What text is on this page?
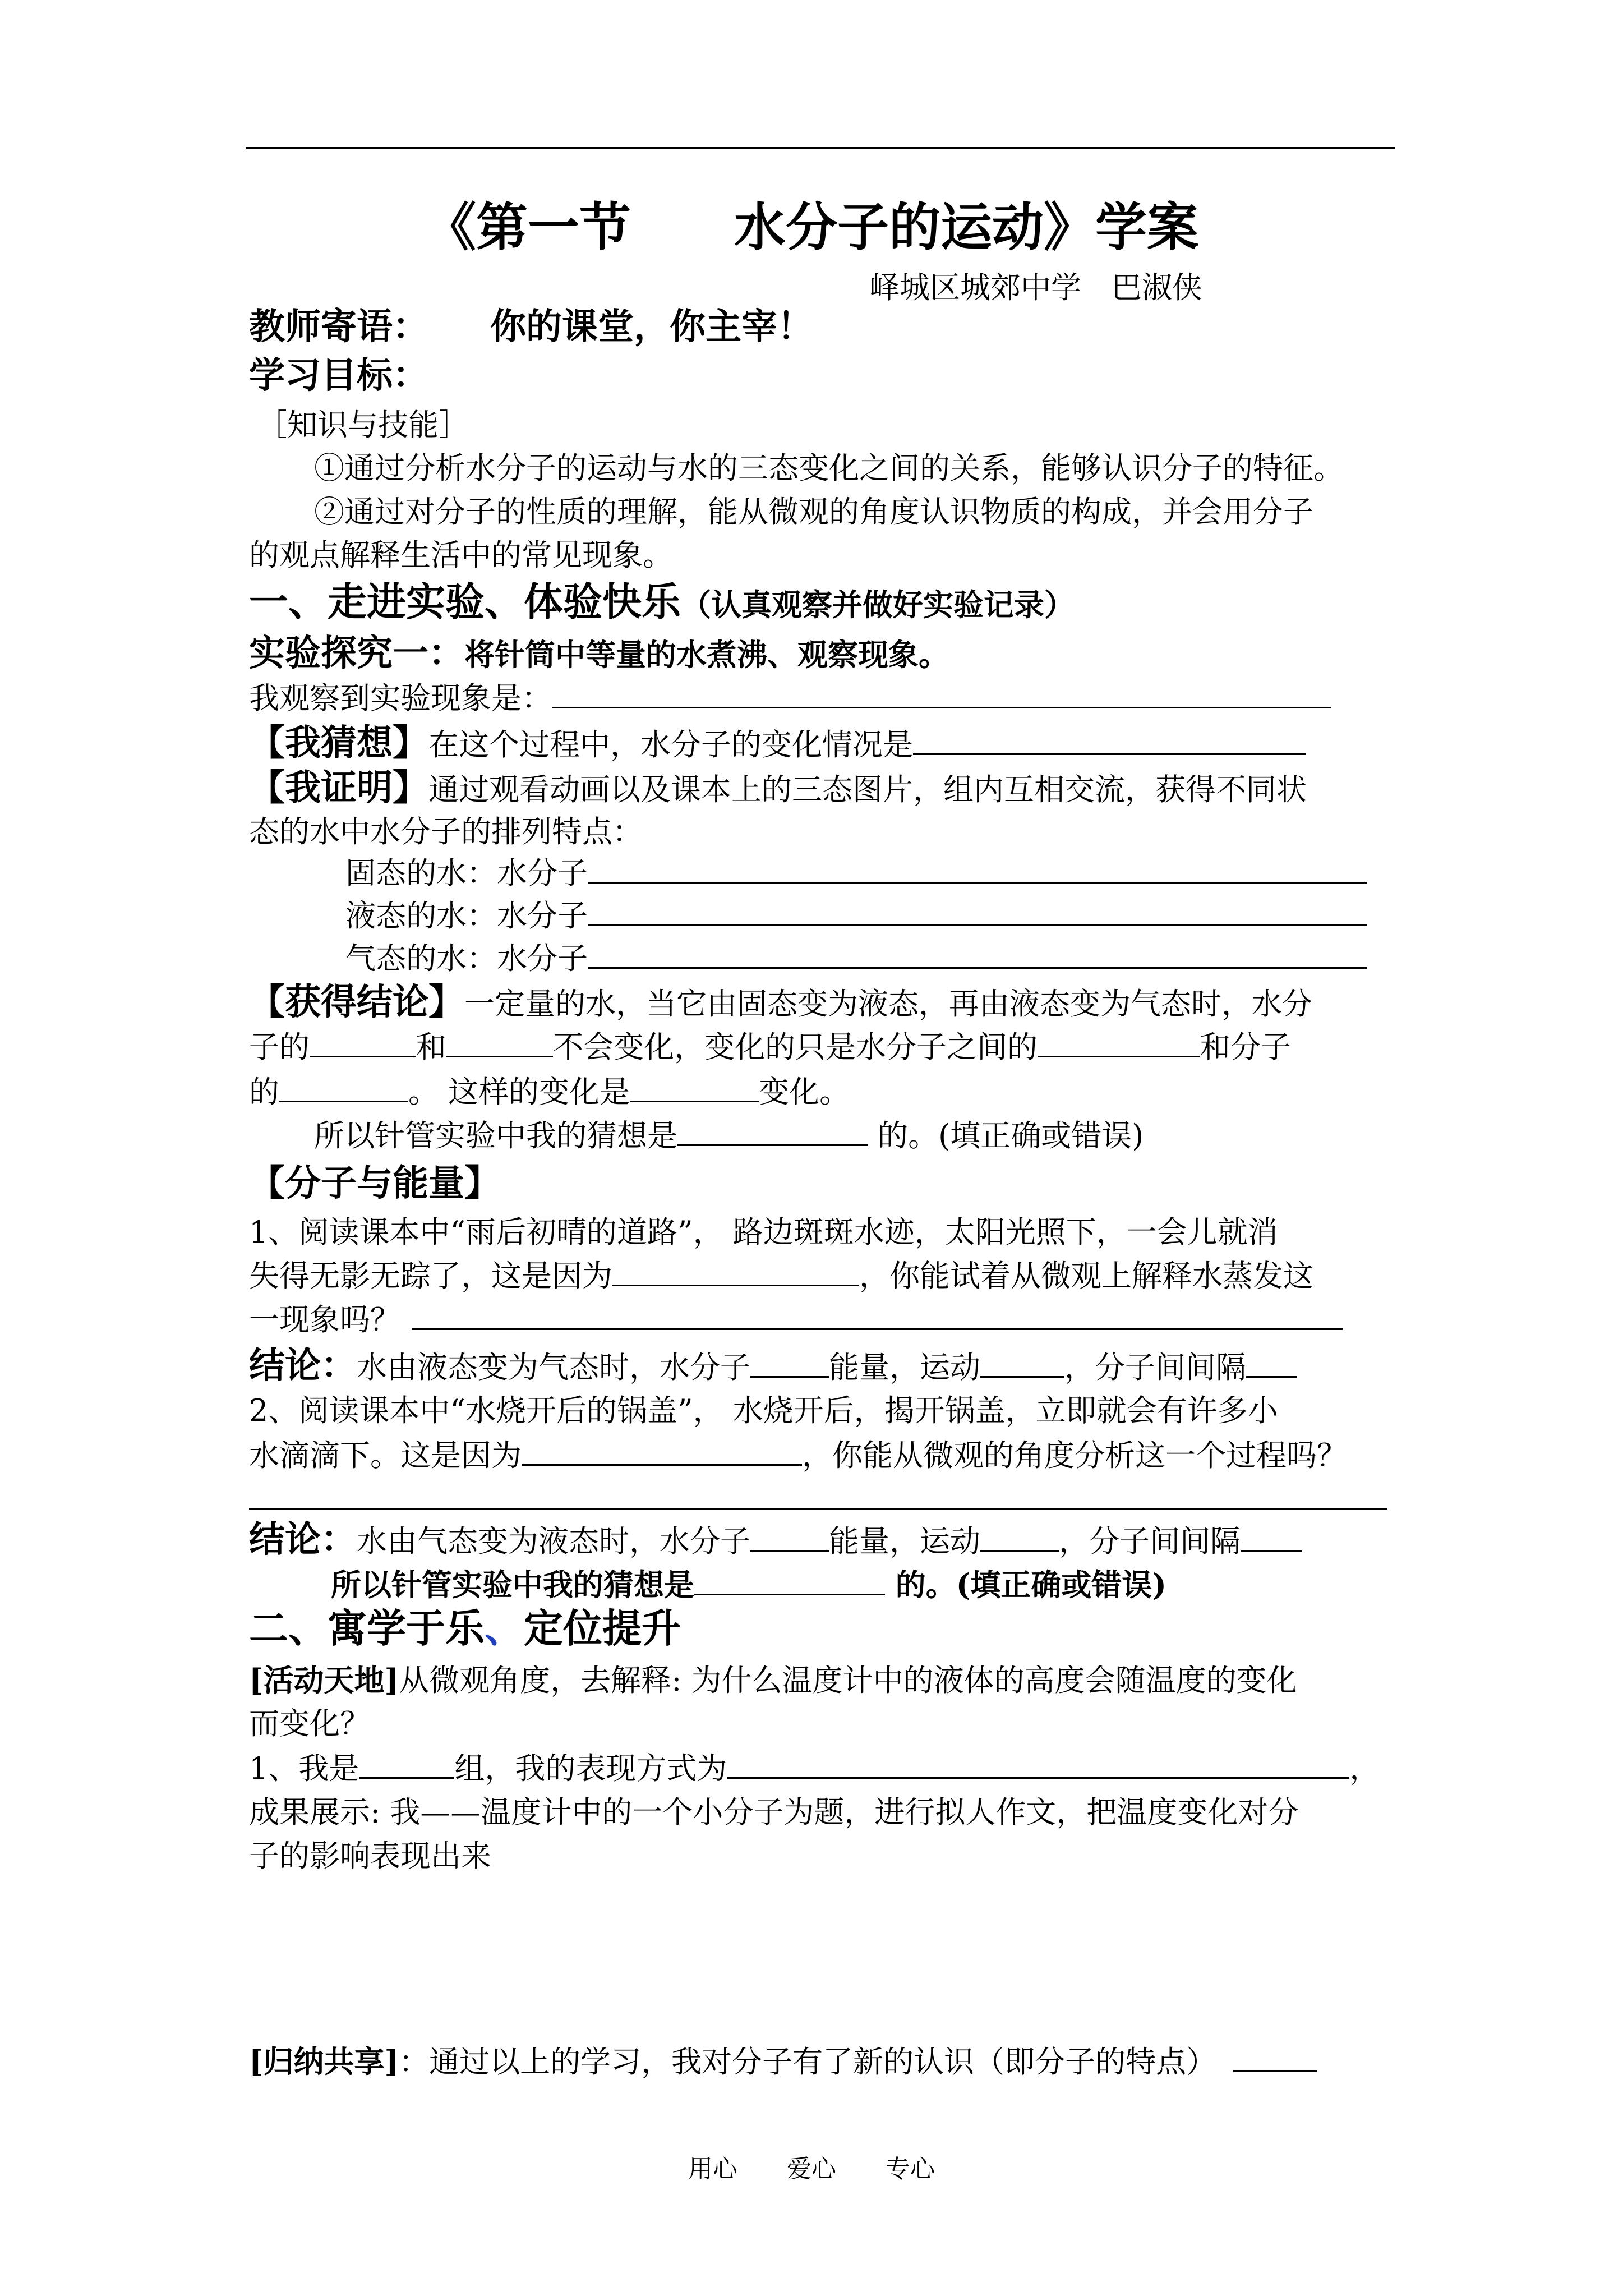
《第一节　　水分子的运动》学案
峄城区城郊中学　巴淑侠
教师寄语： 你的课堂，你主宰！
学习目标：
［知识与技能］
①通过分析水分子的运动与水的三态变化之间的关系，能够认识分子的特征。
②通过对分子的性质的理解，能从微观的角度认识物质的构成，并会用分子
的观点解释生活中的常见现象。
一、走进实验、体验快乐（认真观察并做好实验记录）
实验探究一：将针筒中等量的水煮沸、观察现象。
我观察到实验现象是：
【我猜想】在这个过程中，水分子的变化情况是
【我证明】通过观看动画以及课本上的三态图片，组内互相交流，获得不同状
态的水中水分子的排列特点：
固态的水：水分子
液态的水：水分子
气态的水：水分子
【获得结论】一定量的水，当它由固态变为液态，再由液态变为气态时，水分
子的	和	不会变化，变化的只是水分子之间的	和分子
的	。 这样的变化是	变化。
所以针管实验中我的猜想是	的。(填正确或错误)
【分子与能量】
1、阅读课本中“雨后初晴的道路”， 路边斑斑水迹，太阳光照下，一会儿就消
失得无影无踪了，这是因为	，你能试着从微观上解释水蒸发这
一现象吗？
结论：水由液态变为气态时，水分子	能量，运动	，分子间间隔
2、阅读课本中“水烧开后的锅盖”， 水烧开后，揭开锅盖，立即就会有许多小
水滴滴下。这是因为	，你能从微观的角度分析这一个过程吗？
结论：水由气态变为液态时，水分子	能量，运动	，分子间间隔
所以针管实验中我的猜想是	的。(填正确或错误)
二、寓学于乐、定位提升
[活动天地]从微观角度，去解释: 为什么温度计中的液体的高度会随温度的变化
而变化？
1、我是	组，我的表现方式为	，
成果展示: 我——温度计中的一个小分子为题，进行拟人作文，把温度变化对分
子的影响表现出来
[归纳共享]：通过以上的学习，我对分子有了新的认识（即分子的特点）
用心　　爱心　　专心
